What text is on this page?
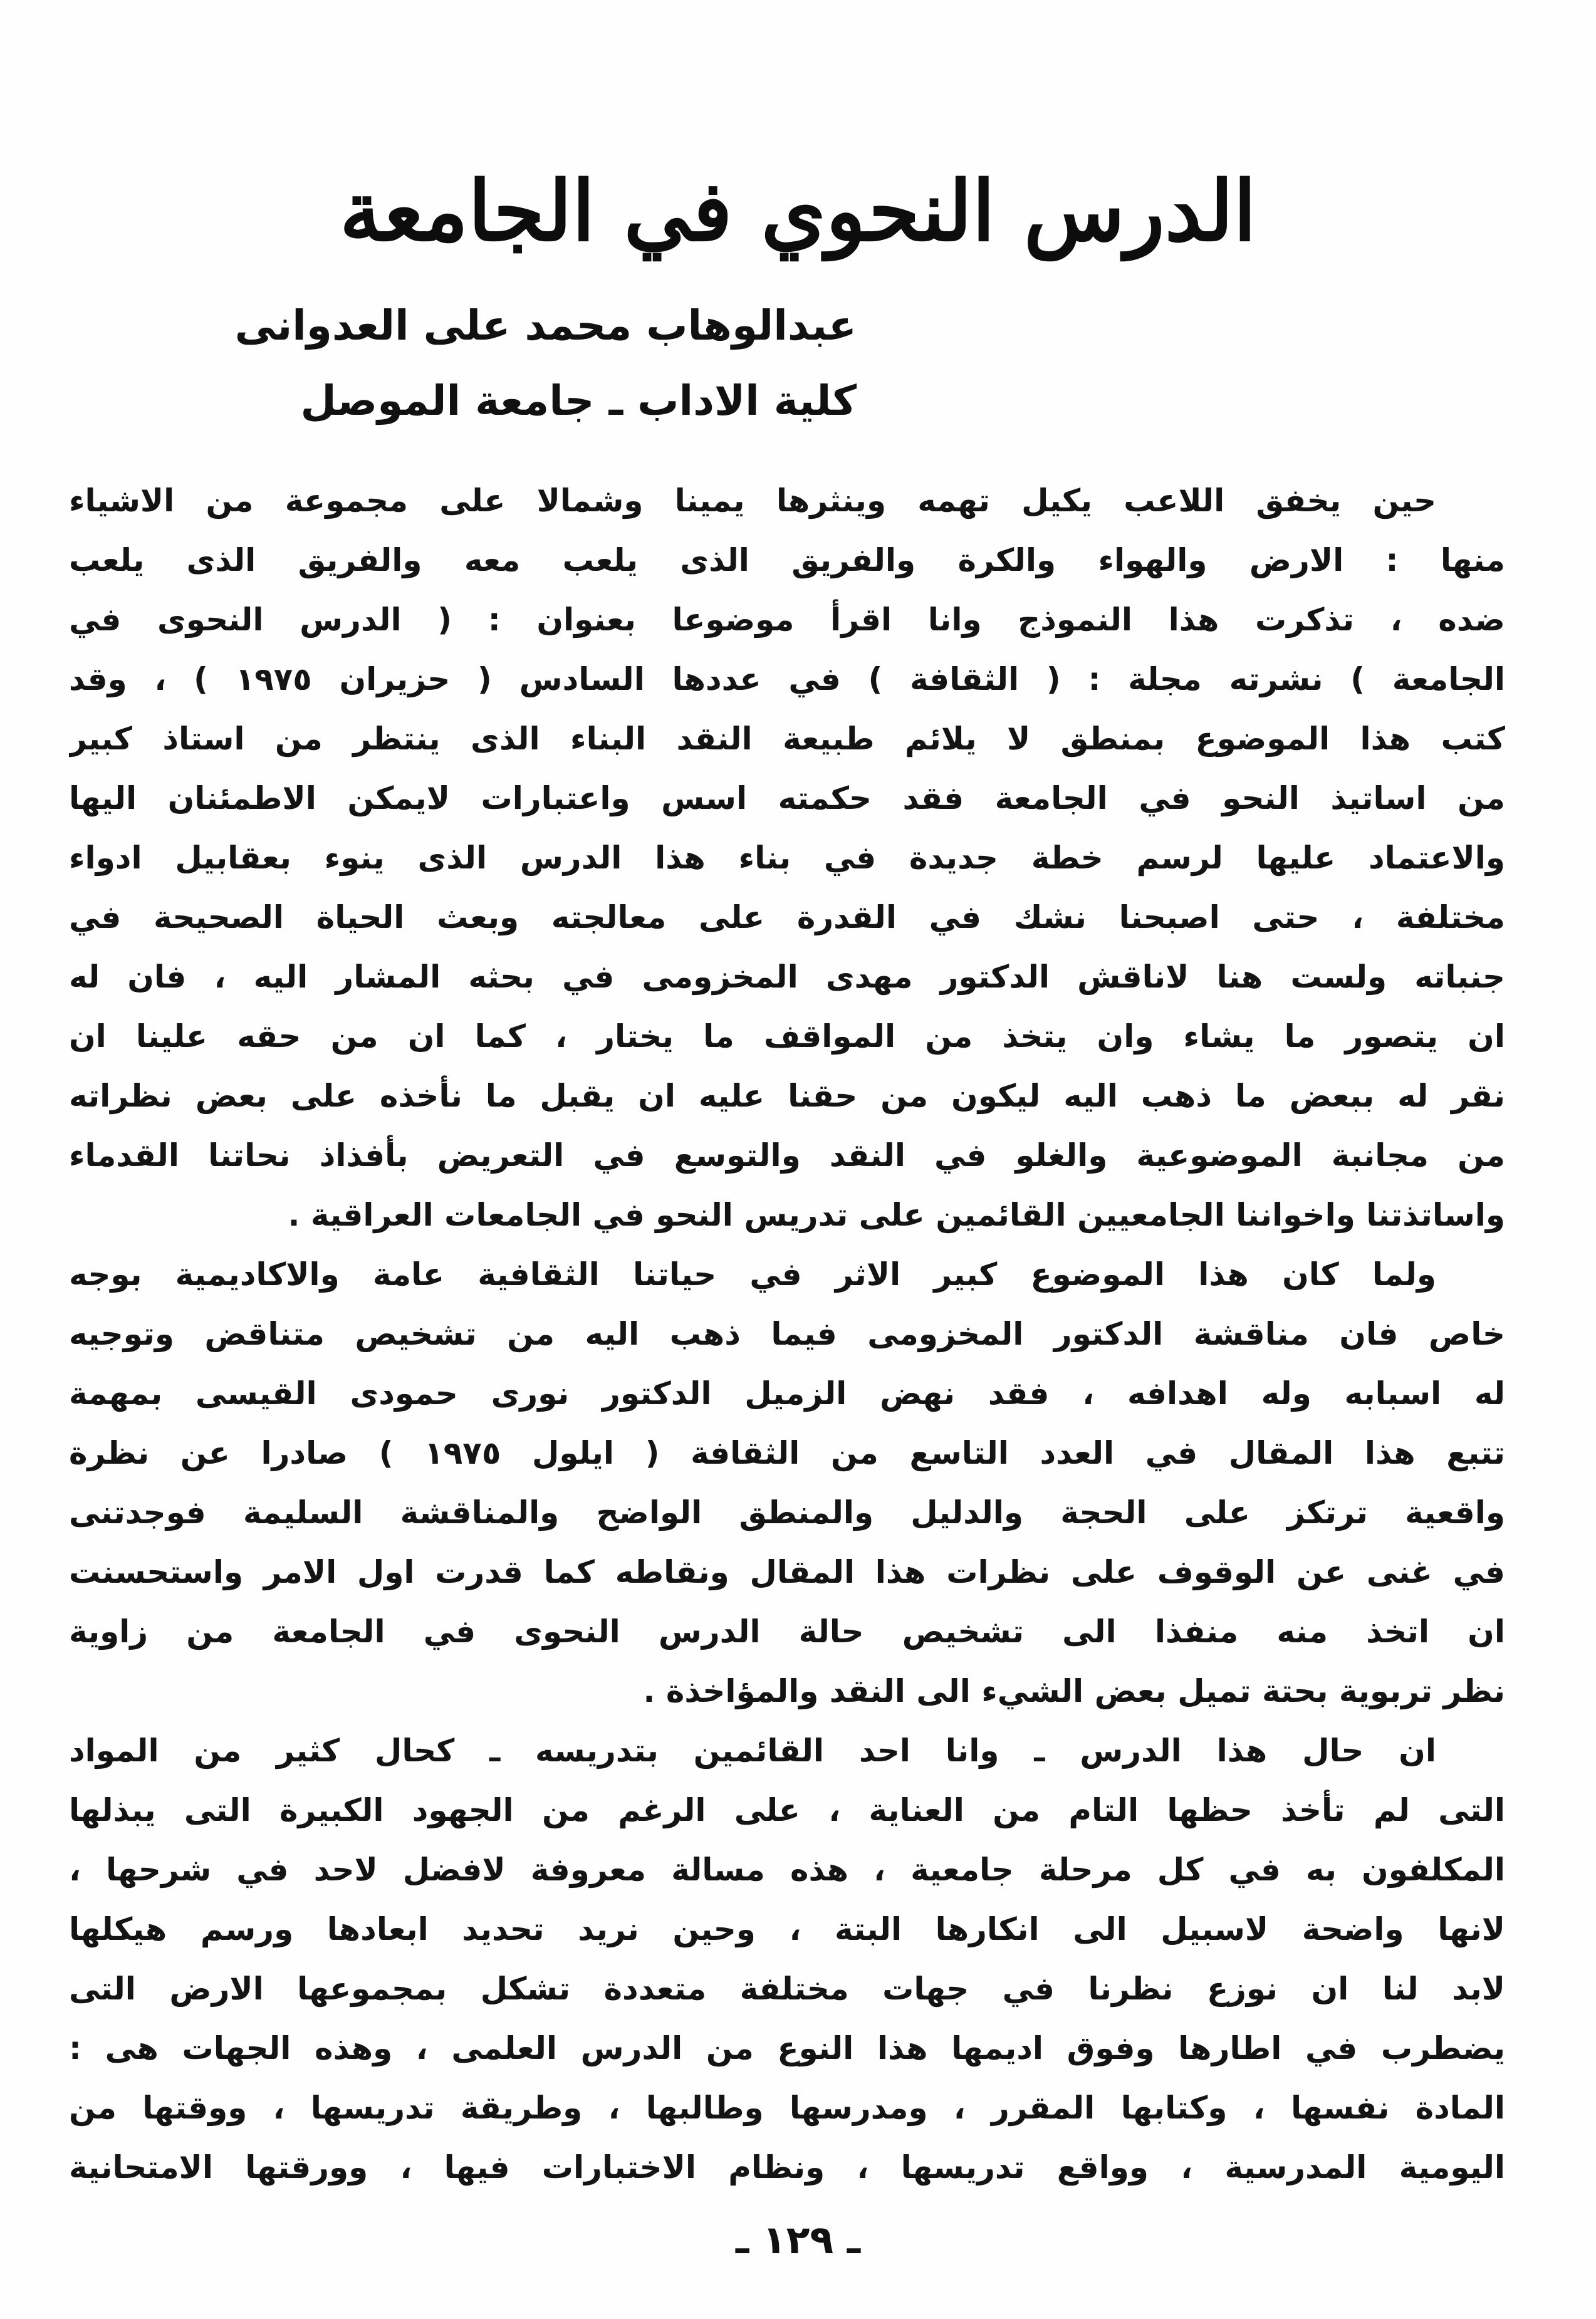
الدرس النحوي في الجامعة
عبدالوهاب محمد على العدوانى
كلية الاداب ـ جامعة الموصل
حين يخفق اللاعب يكيل تهمه وينثرها يمينا وشمالا على مجموعة من الاشياء
منها : الارض والهواء والكرة والفريق الذى يلعب معه والفريق الذى يلعب
ضده ، تذكرت هذا النموذج وانا اقرأ موضوعا بعنوان : ( الدرس النحوى في
الجامعة ) نشرته مجلة : ( الثقافة ) في عددها السادس ( حزيران ١٩٧٥ ) ، وقد
كتب هذا الموضوع بمنطق لا يلائم طبيعة النقد البناء الذى ينتظر من استاذ كبير
من اساتيذ النحو في الجامعة فقد حكمته اسس واعتبارات لايمكن الاطمئنان اليها
والاعتماد عليها لرسم خطة جديدة في بناء هذا الدرس الذى ينوء بعقابيل ادواء
مختلفة ، حتى اصبحنا نشك في القدرة على معالجته وبعث الحياة الصحيحة في
جنباته ولست هنا لاناقش الدكتور مهدى المخزومى في بحثه المشار اليه ، فان له
ان يتصور ما يشاء وان يتخذ من المواقف ما يختار ، كما ان من حقه علينا ان
نقر له ببعض ما ذهب اليه ليكون من حقنا عليه ان يقبل ما نأخذه على بعض نظراته
من مجانبة الموضوعية والغلو في النقد والتوسع في التعريض بأفذاذ نحاتنا القدماء
واساتذتنا واخواننا الجامعيين القائمين على تدريس النحو في الجامعات العراقية .
ولما كان هذا الموضوع كبير الاثر في حياتنا الثقافية عامة والاكاديمية بوجه
خاص فان مناقشة الدكتور المخزومى فيما ذهب اليه من تشخيص متناقض وتوجيه
له اسبابه وله اهدافه ، فقد نهض الزميل الدكتور نورى حمودى القيسى بمهمة
تتبع هذا المقال في العدد التاسع من الثقافة ( ايلول ١٩٧٥ ) صادرا عن نظرة
واقعية ترتكز على الحجة والدليل والمنطق الواضح والمناقشة السليمة فوجدتنى
في غنى عن الوقوف على نظرات هذا المقال ونقاطه كما قدرت اول الامر واستحسنت
ان اتخذ منه منفذا الى تشخيص حالة الدرس النحوى في الجامعة من زاوية
نظر تربوية بحتة تميل بعض الشيء الى النقد والمؤاخذة .
ان حال هذا الدرس ـ وانا احد القائمين بتدريسه ـ كحال كثير من المواد
التى لم تأخذ حظها التام من العناية ، على الرغم من الجهود الكبيرة التى يبذلها
المكلفون به في كل مرحلة جامعية ، هذه مسالة معروفة لافضل لاحد في شرحها ،
لانها واضحة لاسبيل الى انكارها البتة ، وحين نريد تحديد ابعادها ورسم هيكلها
لابد لنا ان نوزع نظرنا في جهات مختلفة متعددة تشكل بمجموعها الارض التى
يضطرب في اطارها وفوق اديمها هذا النوع من الدرس العلمى ، وهذه الجهات هى :
المادة نفسها ، وكتابها المقرر ، ومدرسها وطالبها ، وطريقة تدريسها ، ووقتها من
اليومية المدرسية ، وواقع تدريسها ، ونظام الاختبارات فيها ، وورقتها الامتحانية
ـ ١٢٩ ـ
